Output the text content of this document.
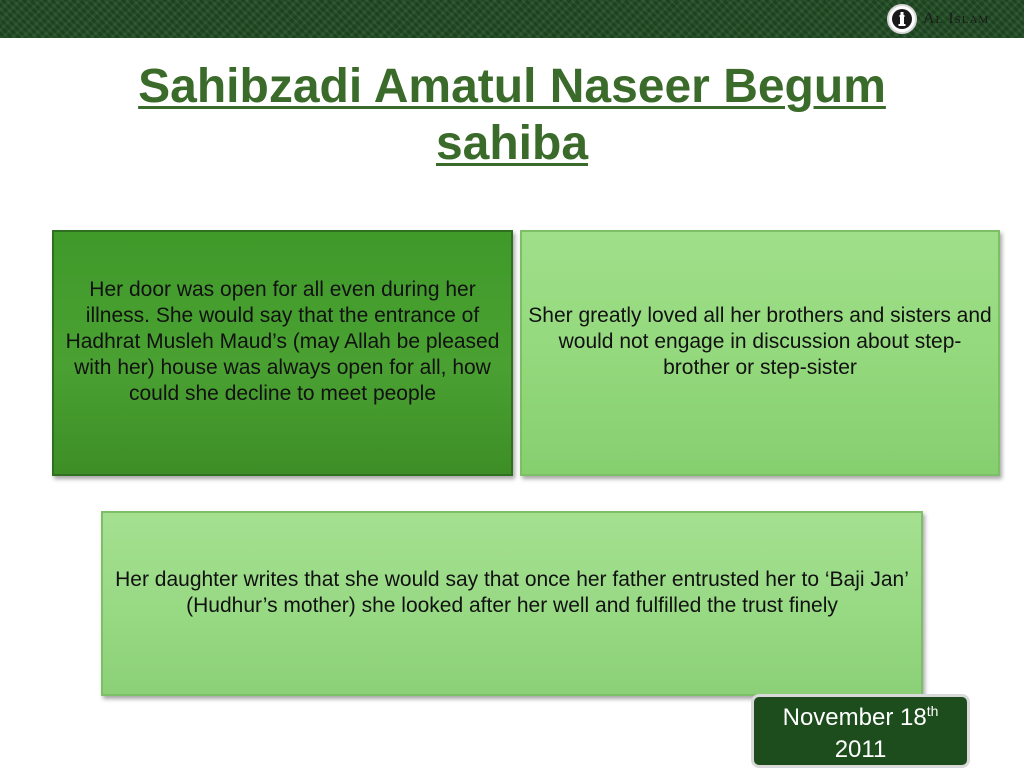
Al Islam
Sahibzadi Amatul Naseer Begum
sahiba
Her door was open for all even during her illness. She would say that the entrance of Hadhrat Musleh Maud’s (may Allah be pleased with her) house was always open for all, how could she decline to meet people
Sher greatly loved all her brothers and sisters and would not engage in discussion about step-brother or step-sister
Her daughter writes that she would say that once her father entrusted her to ‘Baji Jan’ (Hudhur’s mother) she looked after her well and fulfilled the trust finely
November 18th
2011
